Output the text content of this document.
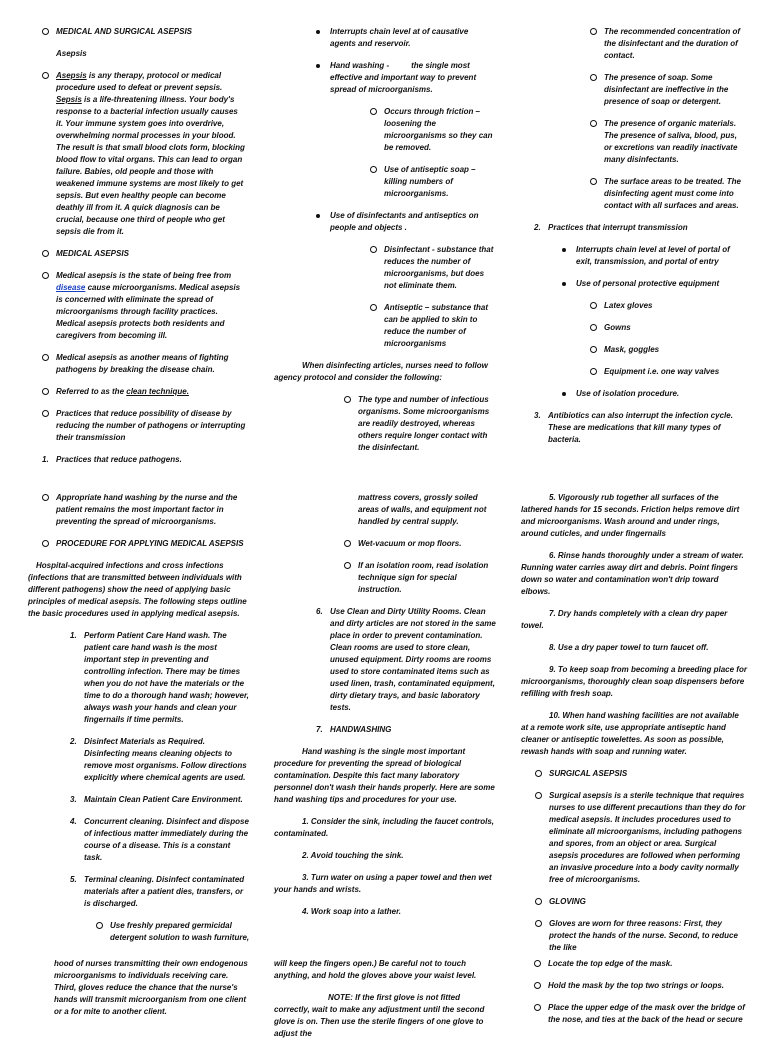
MEDICAL AND SURGICAL ASEPSIS
Asepsis
Asepsis is any therapy, protocol or medical procedure used to defeat or prevent sepsis. Sepsis is a life-threatening illness. Your body's response to a bacterial infection usually causes it. Your immune system goes into overdrive, overwhelming normal processes in your blood. The result is that small blood clots form, blocking blood flow to vital organs. This can lead to organ failure. Babies, old people and those with weakened immune systems are most likely to get sepsis. But even healthy people can become deathly ill from it. A quick diagnosis can be crucial, because one third of people who get sepsis die from it.
MEDICAL ASEPSIS
Medical asepsis is the state of being free from disease cause microorganisms. Medical asepsis is concerned with eliminate the spread of microorganisms through facility practices. Medical asepsis protects both residents and caregivers from becoming ill.
Medical asepsis as another means of fighting pathogens by breaking the disease chain.
Referred to as the clean technique.
Practices that reduce possibility of disease by reducing the number of pathogens or interrupting their transmission
1. Practices that reduce pathogens.
Interrupts chain level at of causative agents and reservoir.
Hand washing -	the single most effective and important way to prevent spread of microorganisms.
Occurs through friction – loosening the microorganisms so they can be removed.
Use of antiseptic soap – killing numbers of microorganisms.
Use of disinfectants and antiseptics on people and objects .
Disinfectant - substance that reduces the number of microorganisms, but does not eliminate them.
Antiseptic – substance that can be applied to skin to reduce the number of microorganisms
When disinfecting articles, nurses need to follow agency protocol and consider the following:
The type and number of infectious organisms. Some microorganisms are readily destroyed, whereas others require longer contact with the disinfectant.
The recommended concentration of the disinfectant and the duration of contact.
The presence of soap. Some disinfectant are ineffective in the presence of soap or detergent.
The presence of organic materials. The presence of saliva, blood, pus, or excretions van readily inactivate many disinfectants.
The surface areas to be treated. The disinfecting agent must come into contact with all surfaces and areas.
2. Practices that interrupt transmission
Interrupts chain level at level of portal of exit, transmission, and portal of entry
Use of personal protective equipment
Latex gloves
Gowns
Mask, goggles
Equipment i.e. one way valves
Use of isolation procedure.
3. Antibiotics can also interrupt the infection cycle. These are medications that kill many types of bacteria.
Appropriate hand washing by the nurse and the patient remains the most important factor in preventing the spread of microorganisms.
PROCEDURE FOR APPLYING MEDICAL ASEPSIS
Hospital-acquired infections and cross infections (infections that are transmitted between individuals with different pathogens) show the need of applying basic principles of medical asepsis. The following steps outline the basic procedures used in applying medical asepsis.
1. Perform Patient Care Hand wash. The patient care hand wash is the most important step in preventing and controlling infection. There may be times when you do not have the materials or the time to do a thorough hand wash; however, always wash your hands and clean your fingernails if time permits.
2. Disinfect Materials as Required. Disinfecting means cleaning objects to remove most organisms. Follow directions explicitly where chemical agents are used.
3. Maintain Clean Patient Care Environment.
4. Concurrent cleaning. Disinfect and dispose of infectious matter immediately during the course of a disease. This is a constant task.
5. Terminal cleaning. Disinfect contaminated materials after a patient dies, transfers, or is discharged.
Use freshly prepared germicidal detergent solution to wash furniture,
mattress covers, grossly soiled areas of walls, and equipment not handled by central supply.
Wet-vacuum or mop floors.
If an isolation room, read isolation technique sign for special instruction.
6. Use Clean and Dirty Utility Rooms. Clean and dirty articles are not stored in the same place in order to prevent contamination. Clean rooms are used to store clean, unused equipment. Dirty rooms are rooms used to store contaminated items such as used linen, trash, contaminated equipment, dirty dietary trays, and basic laboratory tests.
7. HANDWASHING
Hand washing is the single most important procedure for preventing the spread of biological contamination. Despite this fact many laboratory personnel don't wash their hands properly. Here are some hand washing tips and procedures for your use.
1. Consider the sink, including the faucet controls, contaminated.
2. Avoid touching the sink.
3. Turn water on using a paper towel and then wet your hands and wrists.
4. Work soap into a lather.
5. Vigorously rub together all surfaces of the lathered hands for 15 seconds. Friction helps remove dirt and microorganisms. Wash around and under rings, around cuticles, and under fingernails
6. Rinse hands thoroughly under a stream of water. Running water carries away dirt and debris. Point fingers down so water and contamination won't drip toward elbows.
7. Dry hands completely with a clean dry paper towel.
8. Use a dry paper towel to turn faucet off.
9. To keep soap from becoming a breeding place for microorganisms, thoroughly clean soap dispensers before refilling with fresh soap.
10. When hand washing facilities are not available at a remote work site, use appropriate antiseptic hand cleaner or antiseptic towelettes. As soon as possible, rewash hands with soap and running water.
SURGICAL ASEPSIS
Surgical asepsis is a sterile technique that requires nurses to use different precautions than they do for medical asepsis. It includes procedures used to eliminate all microorganisms, including pathogens and spores, from an object or area. Surgical asepsis procedures are followed when performing an invasive procedure into a body cavity normally free of microorganisms.
GLOVING
Gloves are worn for three reasons: First, they protect the hands of the nurse. Second, to reduce the like
hood of nurses transmitting their own endogenous microorganisms to individuals receiving care. Third, gloves reduce the chance that the nurse's hands will transmit microorganism from one client or a for mite to another client.
will keep the fingers open.) Be careful not to touch anything, and hold the gloves above your waist level.
NOTE: If the first glove is not fitted correctly, wait to make any adjustment until the second glove is on. Then use the sterile fingers of one glove to adjust the
Locate the top edge of the mask.
Hold the mask by the top two strings or loops.
Place the upper edge of the mask over the bridge of the nose, and ties at the back of the head or secure
